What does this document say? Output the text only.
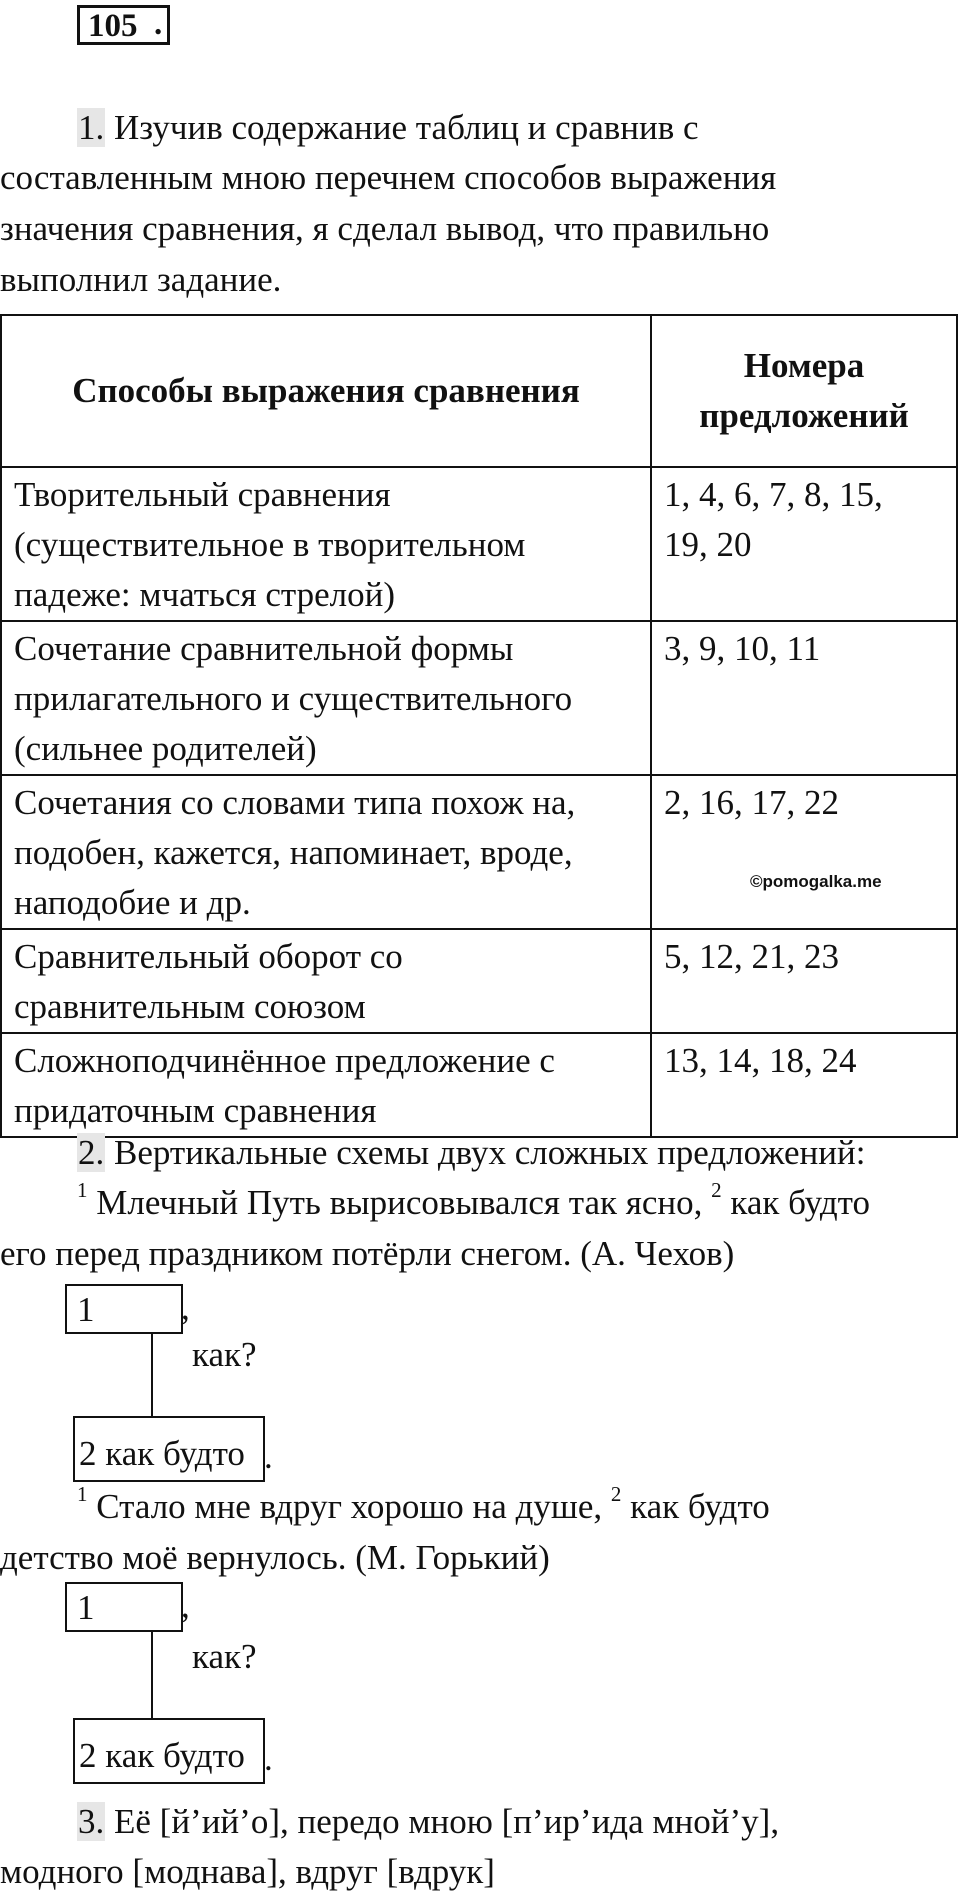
105 .
1. Изучив содержание таблиц и сравнив с
составленным мною перечнем способов выражения
значения сравнения, я сделал вывод, что правильно
выполнил задание.
Способы выражения сравнения	Номера
предложений
Творительный сравнения
(существительное в творительном
падеже: мчаться стрелой)	1, 4, 6, 7, 8, 15,
19, 20
Сочетание сравнительной формы
прилагательного и существительного
(сильнее родителей)	3, 9, 10, 11
Сочетания со словами типа похож на,
подобен, кажется, напоминает, вроде,
наподобие и др.	2, 16, 17, 22
Сравнительный оборот со
сравнительным союзом	5, 12, 21, 23
Сложноподчинённое предложение с
придаточным сравнения	13, 14, 18, 24
©pomogalka.me
2. Вертикальные схемы двух сложных предложений:
$^1$ Млечный Путь вырисовывался так ясно, $^2$ как будто
его перед праздником потёрли снегом. (А. Чехов)
1	,
как?
2 как будто .
$^1$ Стало мне вдруг хорошо на душе, $^2$ как будто
детство моё вернулось. (М. Горький)
1	,
как?
2 как будто .
3. Её [й’ий’о], передо мною [п’ир’ида мной’у],
модного [моднава], вдруг [вдрук]
